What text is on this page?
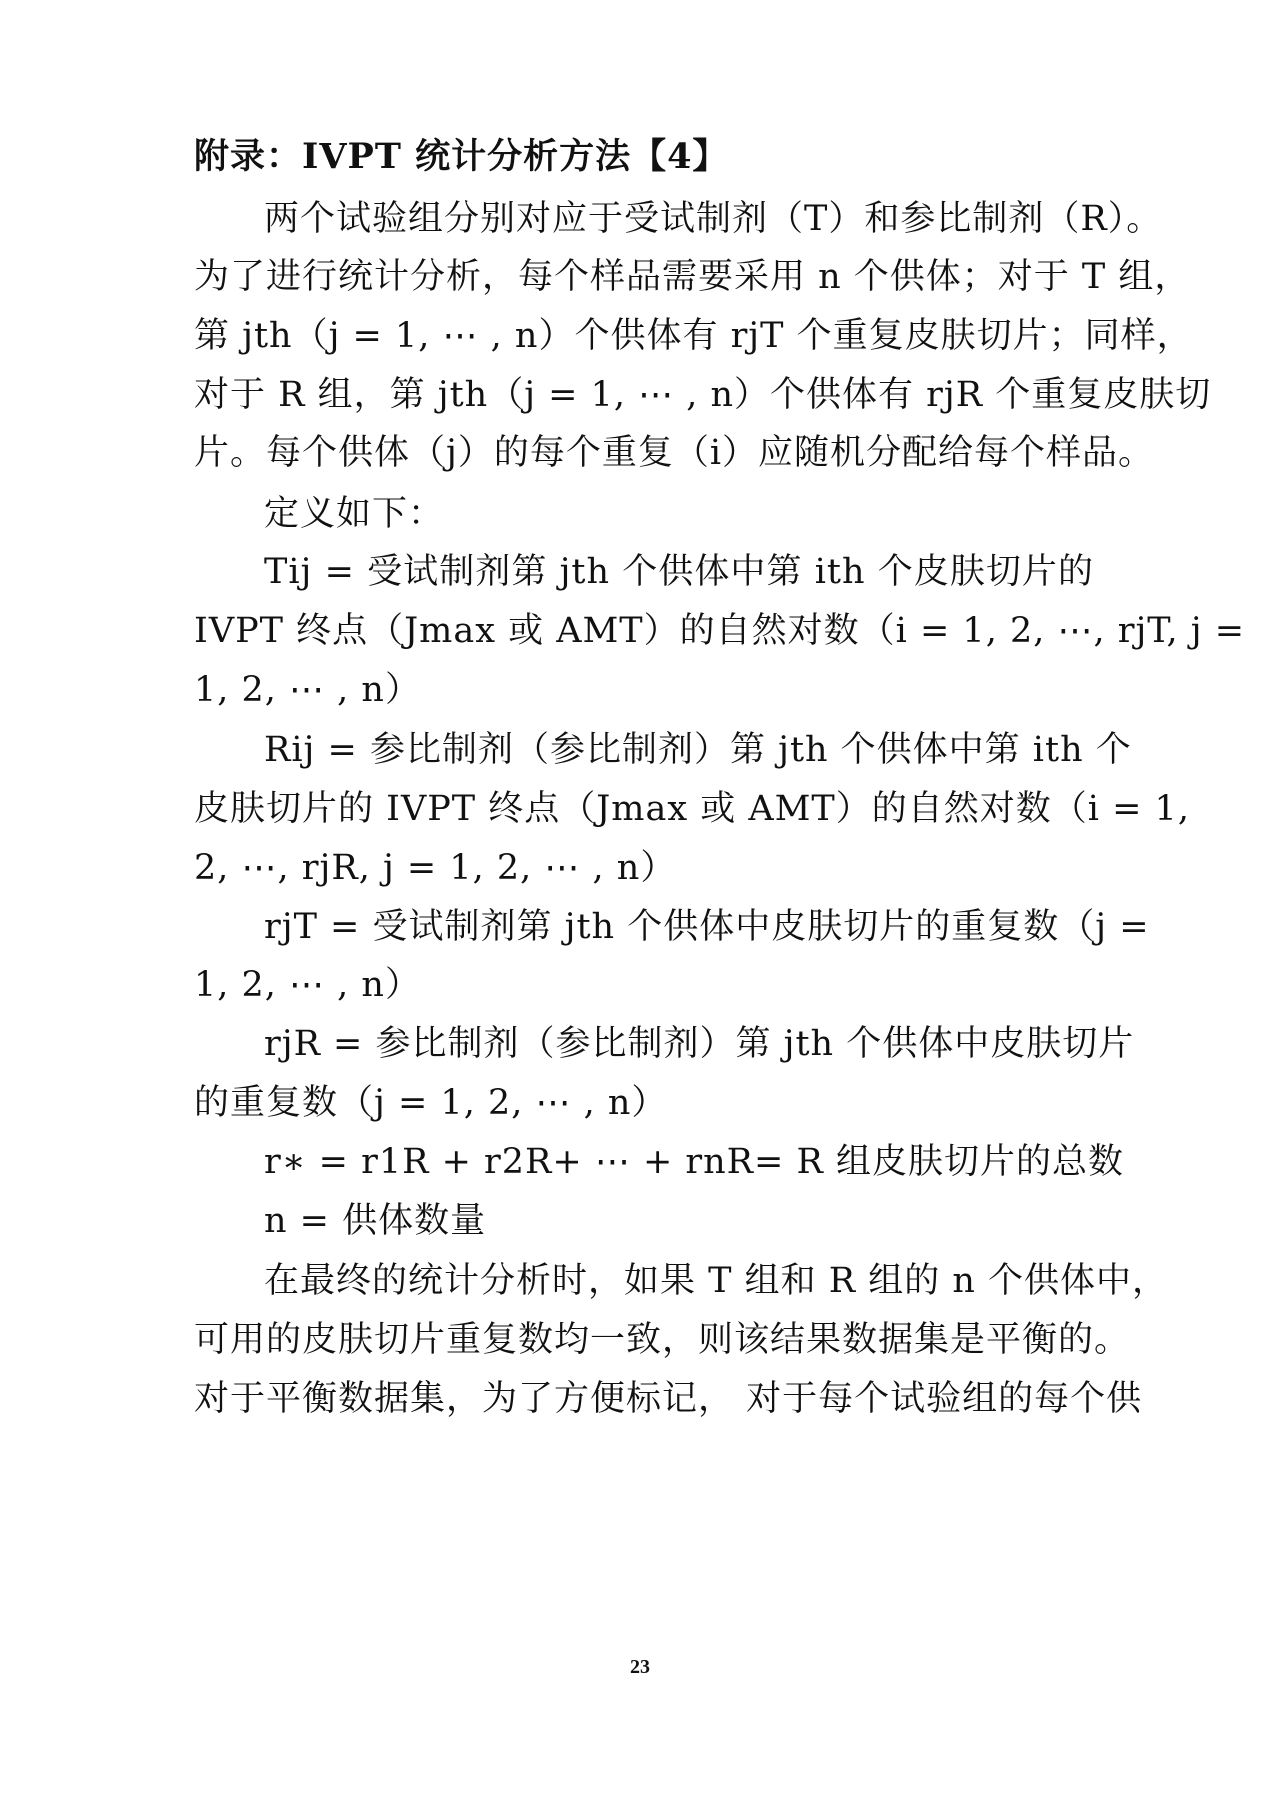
附录：IVPT 统计分析方法【4】
两个试验组分别对应于受试制剂（T）和参比制剂（R）。
为了进行统计分析，每个样品需要采用 n 个供体；对于 T 组，
第 jth（j = 1, ⋯ , n）个供体有 rjT 个重复皮肤切片；同样，
对于 R 组，第 jth（j = 1, ⋯ , n）个供体有 rjR 个重复皮肤切
片。每个供体（j）的每个重复（i）应随机分配给每个样品。
定义如下：
Tij = 受试制剂第 jth 个供体中第 ith 个皮肤切片的
IVPT 终点（Jmax 或 AMT）的自然对数（i = 1, 2, ⋯, rjT, j =
1, 2, ⋯ , n）
Rij = 参比制剂（参比制剂）第 jth 个供体中第 ith 个
皮肤切片的 IVPT 终点（Jmax 或 AMT）的自然对数（i = 1,
2, ⋯, rjR, j = 1, 2, ⋯ , n）
rjT = 受试制剂第 jth 个供体中皮肤切片的重复数（j =
1, 2, ⋯ , n）
rjR = 参比制剂（参比制剂）第 jth 个供体中皮肤切片
的重复数（j = 1, 2, ⋯ , n）
r∗ = r1R + r2R+ ⋯ + rnR= R 组皮肤切片的总数
n = 供体数量
在最终的统计分析时，如果 T 组和 R 组的 n 个供体中，
可用的皮肤切片重复数均一致，则该结果数据集是平衡的。
对于平衡数据集，为了方便标记， 对于每个试验组的每个供
23
